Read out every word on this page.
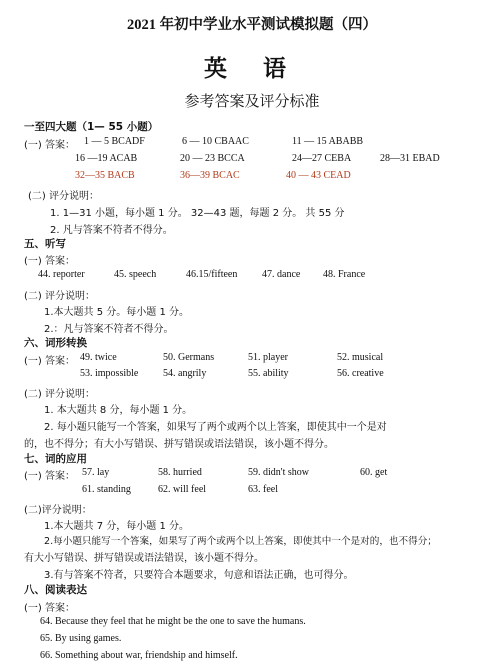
2021 年初中学业水平测试模拟题（四）
英 语
参考答案及评分标准
一至四大题（1— 55 小题）
(一) 答案： 1 — 5 BCADF	6 — 10 CBAAC	11 — 15 ABABB
16 —19 ACAB	20 — 23 BCCA	24—27 CEBA	28—31 EBAD
32—35 BACB	36—39 BCAC	40 — 43 CEAD
(二) 评分说明：
1. 1—31 小题，每小题 1 分。 32—43 题，每题 2 分。 共 55 分
2. 凡与答案不符者不得分。
五、听写
(一) 答案：
44. reporter	45. speech	46.15/fifteen 47. dance 48. France
(二) 评分说明：
1.本大题共 5 分。每小题 1 分。
2.：凡与答案不符者不得分。
六、词形转换
(一) 答案： 49. twice	50. Germans	51. player	52. musical
53. impossible 54. angrily	55. ability	56. creative
(二) 评分说明：
1. 本大题共 8 分，每小题 1 分。
2. 每小题只能写一个答案，如果写了两个或两个以上答案，即使其中一个是对
的，也不得分；有大小写错误、拼写错误或语法错误，该小题不得分。
七、词的应用
(一) 答案： 57. lay	58. hurried	59. didn't show	60. get
61. standing	62. will feel	63. feel
(二)评分说明：
1.本大题共 7 分，每小题 1 分。
2.每小题只能写一个答案，如果写了两个或两个以上答案，即使其中一个是对的，也不得分；
有大小写错误、拼写错误或语法错误，该小题不得分。
3.有与答案不符者，只要符合本题要求，句意和语法正确，也可得分。
八、阅读表达
(一) 答案：
64. Because they feel that he might be the one to save the humans.
65. By using games.
66. Something about war, friendship and himself.
